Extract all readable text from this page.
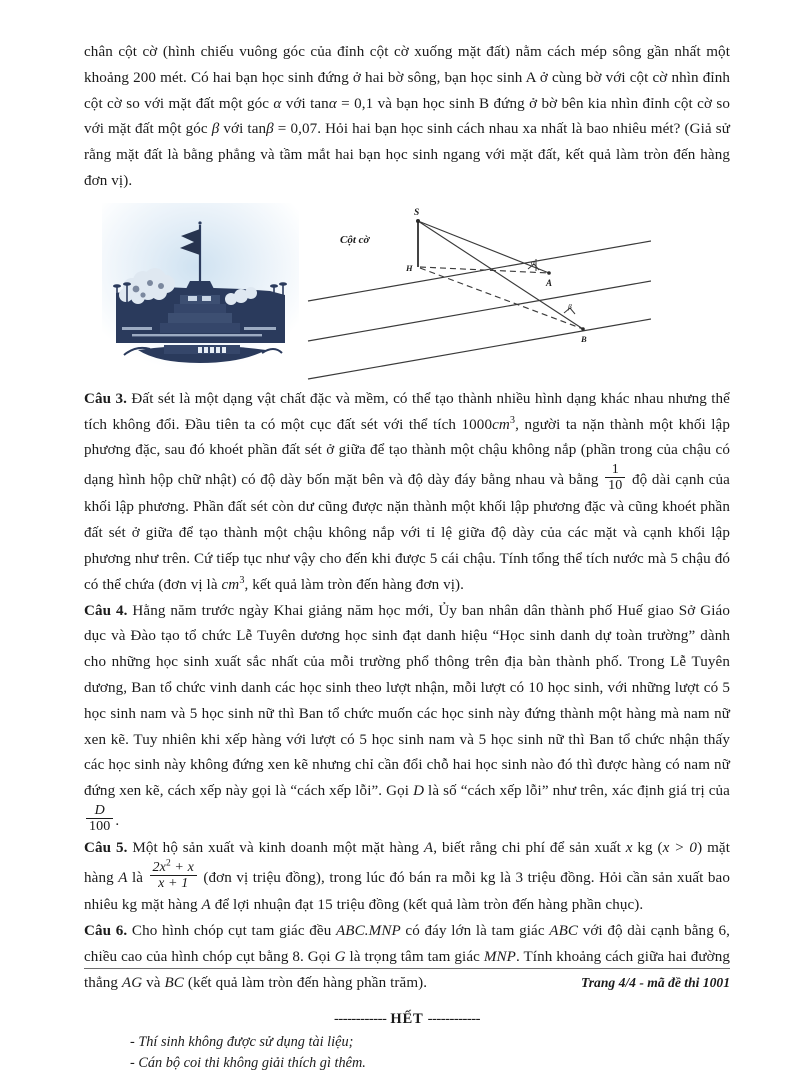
chân cột cờ (hình chiếu vuông góc của đỉnh cột cờ xuống mặt đất) nằm cách mép sông gần nhất một khoảng 200 mét. Có hai bạn học sinh đứng ở hai bờ sông, bạn học sinh A ở cùng bờ với cột cờ nhìn đỉnh cột cờ so với mặt đất một góc α với tanα = 0,1 và bạn học sinh B đứng ở bờ bên kia nhìn đỉnh cột cờ so với mặt đất một góc β với tanβ = 0,07. Hỏi hai bạn học sinh cách nhau xa nhất là bao nhiêu mét? (Giả sử rằng mặt đất là bằng phẳng và tầm mắt hai bạn học sinh ngang với mặt đất, kết quả làm tròn đến hàng đơn vị).

S
H
A
B
α
β
Cột cờ

Câu 3. Đất sét là một dạng vật chất đặc và mềm, có thể tạo thành nhiều hình dạng khác nhau nhưng thể tích không đổi. Đầu tiên ta có một cục đất sét với thể tích $1000cm^3$, người ta nặn thành một khối lập phương đặc, sau đó khoét phần đất sét ở giữa để tạo thành một chậu không nắp (phần trong của chậu có dạng hình hộp chữ nhật) có độ dày bốn mặt bên và độ dày đáy bằng nhau và bằng $\frac{1}{10}$ độ dài cạnh của khối lập phương. Phần đất sét còn dư cũng được nặn thành một khối lập phương đặc và cũng khoét phần đất sét ở giữa để tạo thành một chậu không nắp với tỉ lệ giữa độ dày của các mặt và cạnh khối lập phương như trên. Cứ tiếp tục như vậy cho đến khi được 5 cái chậu. Tính tổng thể tích nước mà 5 chậu đó có thể chứa (đơn vị là $cm^3$, kết quả làm tròn đến hàng đơn vị).

Câu 4. Hằng năm trước ngày Khai giảng năm học mới, Ủy ban nhân dân thành phố Huế giao Sở Giáo dục và Đào tạo tổ chức Lễ Tuyên dương học sinh đạt danh hiệu “Học sinh danh dự toàn trường” dành cho những học sinh xuất sắc nhất của mỗi trường phổ thông trên địa bàn thành phố. Trong Lễ Tuyên dương, Ban tổ chức vinh danh các học sinh theo lượt nhận, mỗi lượt có 10 học sinh, với những lượt có 5 học sinh nam và 5 học sinh nữ thì Ban tổ chức muốn các học sinh này đứng thành một hàng mà nam nữ xen kẽ. Tuy nhiên khi xếp hàng với lượt có 5 học sinh nam và 5 học sinh nữ thì Ban tổ chức nhận thấy các học sinh này không đứng xen kẽ nhưng chỉ cần đổi chỗ hai học sinh nào đó thì được hàng có nam nữ đứng xen kẽ, cách xếp này gọi là “cách xếp lỗi”. Gọi D là số “cách xếp lỗi” như trên, xác định giá trị của
$\frac{D}{100}$ .

Câu 5. Một hộ sản xuất và kinh doanh một mặt hàng A, biết rằng chi phí để sản xuất x kg (x > 0) mặt hàng A là $\frac{2x^2 + x}{x + 1}$ (đơn vị triệu đồng), trong lúc đó bán ra mỗi kg là 3 triệu đồng. Hỏi cần sản xuất bao nhiêu kg mặt hàng A để lợi nhuận đạt 15 triệu đồng (kết quả làm tròn đến hàng phần chục).

Câu 6. Cho hình chóp cụt tam giác đều ABC.MNP có đáy lớn là tam giác ABC với độ dài cạnh bằng 6, chiều cao của hình chóp cụt bằng 8. Gọi G là trọng tâm tam giác MNP. Tính khoảng cách giữa hai đường thẳng AG và BC (kết quả làm tròn đến hàng phần trăm).

------------ HẾT ------------
- Thí sinh không được sử dụng tài liệu;
- Cán bộ coi thi không giải thích gì thêm.
Trang 4/4 - mã đề thi 1001
